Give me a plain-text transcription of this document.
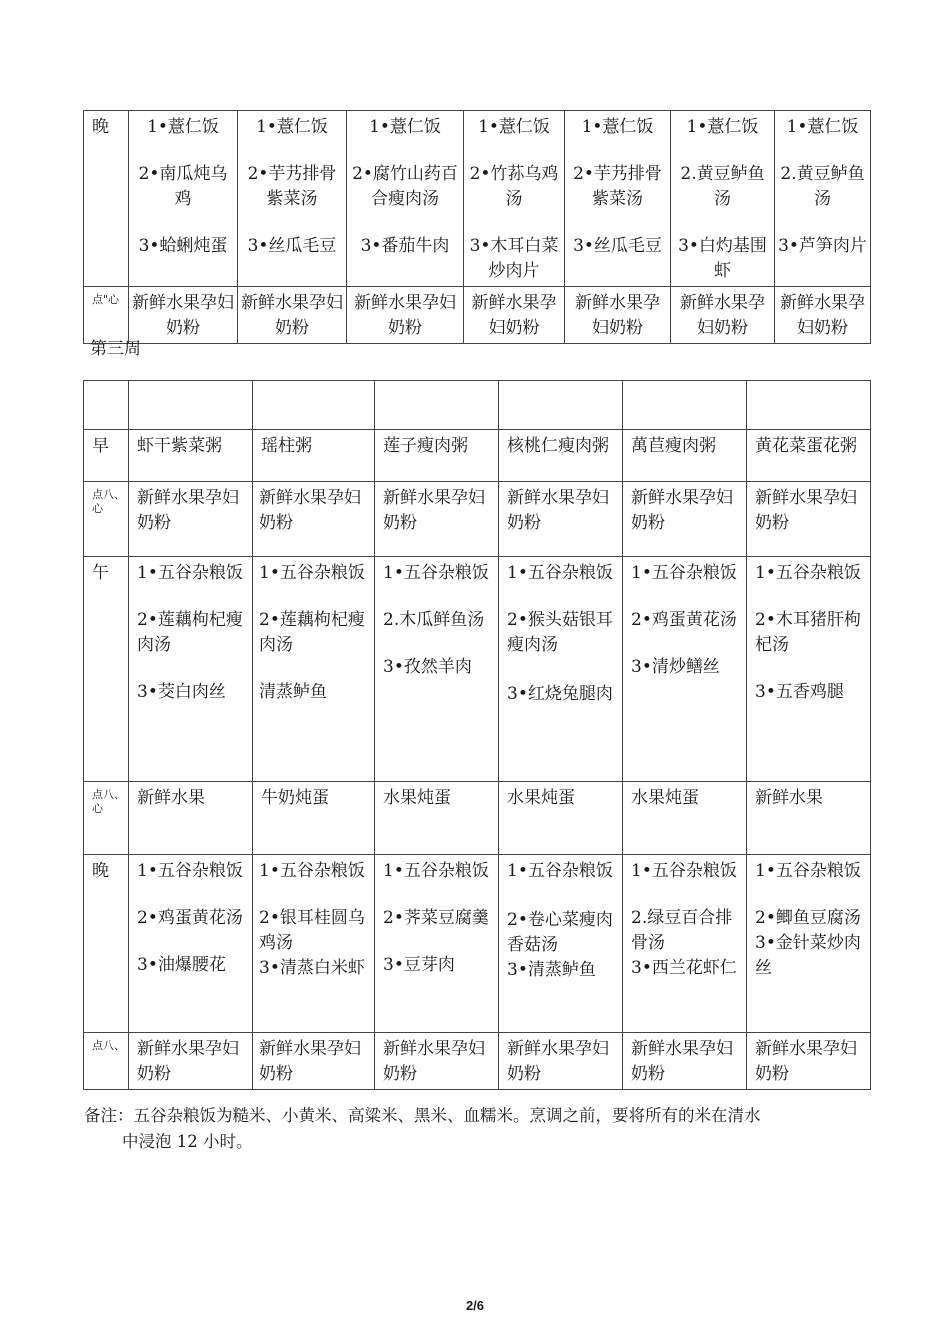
晚	1•薏仁饭
2•南瓜炖乌鸡
3•蛤蜊炖蛋	1•薏仁饭
2•芋艿排骨紫菜汤
3•丝瓜毛豆	1•薏仁饭
2•腐竹山药百合瘦肉汤
3•番茄牛肉	1•薏仁饭
2•竹荪乌鸡汤
3•木耳白菜炒肉片	1•薏仁饭
2•芋艿排骨紫菜汤
3•丝瓜毛豆	1•薏仁饭
2.黄豆鲈鱼汤
3•白灼基围虾	1•薏仁饭
2.黄豆鲈鱼汤
3•芦笋肉片

点"心	新鲜水果孕妇奶粉	新鲜水果孕妇奶粉	新鲜水果孕妇奶粉	新鲜水果孕妇奶粉	新鲜水果孕妇奶粉	新鲜水果孕妇奶粉	新鲜水果孕妇奶粉
第三周

早	虾干紫菜粥	瑶柱粥	莲子瘦肉粥	核桃仁瘦肉粥	萬苣瘦肉粥	黄花菜蛋花粥
点八、心	新鲜水果孕妇奶粉	新鲜水果孕妇奶粉	新鲜水果孕妇奶粉	新鲜水果孕妇奶粉	新鲜水果孕妇奶粉	新鲜水果孕妇奶粉
午	1•五谷杂粮饭
2•莲藕枸杞瘦肉汤
3•茭白肉丝	1•五谷杂粮饭
2•莲藕枸杞瘦肉汤
清蒸鲈鱼	1•五谷杂粮饭
2.木瓜鲜鱼汤
3•孜然羊肉	1•五谷杂粮饭
2•猴头菇银耳瘦肉汤
3•红烧兔腿肉	1•五谷杂粮饭
2•鸡蛋黄花汤
3•清炒鳝丝	1•五谷杂粮饭
2•木耳猪肝枸杞汤
3•五香鸡腿

点八、心	新鲜水果	牛奶炖蛋	水果炖蛋	水果炖蛋	水果炖蛋	新鲜水果
晚	1•五谷杂粮饭
2•鸡蛋黄花汤
3•油爆腰花	1•五谷杂粮饭
2•银耳桂圆乌鸡汤
3•清蒸白米虾	1•五谷杂粮饭
2•荠菜豆腐羹
3•豆芽肉	1•五谷杂粮饭
2•卷心菜瘦肉香菇汤
3•清蒸鲈鱼	1•五谷杂粮饭
2.绿豆百合排骨汤
3•西兰花虾仁	1•五谷杂粮饭
2•鲫鱼豆腐汤
3•金针菜炒肉丝

点八、	新鲜水果孕妇奶粉	新鲜水果孕妇奶粉	新鲜水果孕妇奶粉	新鲜水果孕妇奶粉	新鲜水果孕妇奶粉	新鲜水果孕妇奶粉
备注：五谷杂粮饭为糙米、小黄米、高粱米、黑米、血糯米。烹调之前，要将所有的米在清水
中浸泡 12 小时。
2/6
